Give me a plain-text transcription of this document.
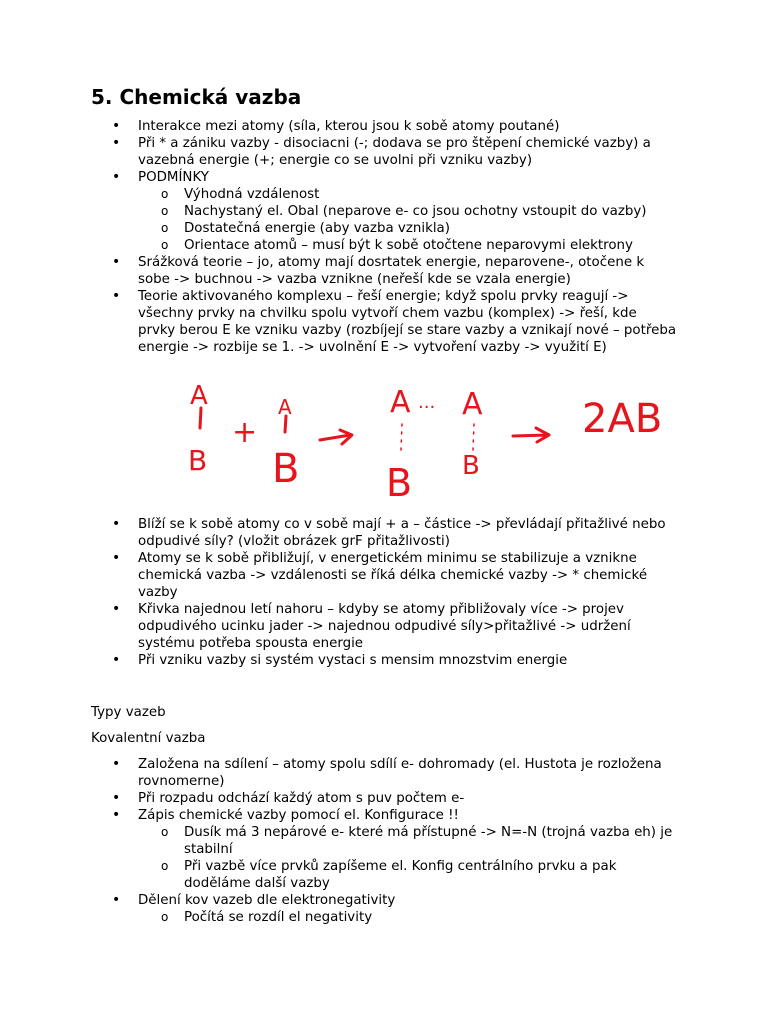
5. Chemická vazba
• Interakce mezi atomy (síla, kterou jsou k sobě atomy poutané)
• Při * a zániku vazby - disociacni (-; dodava se pro štěpení chemické vazby) a vazebná energie (+; energie co se uvolni při vzniku vazby)
• PODMÍNKY
o Výhodná vzdálenost
o Nachystaný el. Obal (neparove e- co jsou ochotny vstoupit do vazby)
o Dostatečná energie (aby vazba vznikla)
o Orientace atomů – musí být k sobě otočtene neparovymi elektrony
• Srážková teorie – jo, atomy mají dosrtatek energie, neparovene-, otočene k sobe -> buchnou -> vazba vznikne (neřeší kde se vzala energie)
• Teorie aktivovaného komplexu – řeší energie; když spolu prvky reagují -> všechny prvky na chvilku spolu vytvoří chem vazbu (komplex) -> řeší, kde prvky berou E ke vzniku vazby (rozbíjejí se stare vazby a vznikají nové – potřeba energie -> rozbije se 1. -> uvolnění E -> vytvoření vazby -> využití E)
A
B
+
A
B
A ... A
B B
2AB
• Blíží se k sobě atomy co v sobě mají + a – částice -> převládají přitažlivé nebo odpudivé síly? (vložit obrázek grF přitažlivosti)
• Atomy se k sobě přibližují, v energetickém minimu se stabilizuje a vzniknе chemická vazba -> vzdálenosti se říká délka chemické vazby -> * chemické vazby
• Křivka najednou letí nahoru – kdyby se atomy přibližovaly více -> projev odpudivého ucinku jader -> najednou odpudivé síly>přitažlivé -> udržení systému potřeba spousta energie
• Při vzniku vazby si systém vystaci s mensim mnozstvim energie

Typy vazeb

Kovalentní vazba

• Založena na sdílení – atomy spolu sdílí e- dohromady (el. Hustota je rozložena rovnomerne)
• Při rozpadu odchází každý atom s puv počtem e-
• Zápis chemické vazby pomocí el. Konfigurace !!
o Dusík má 3 nepárové e- které má přístupné -> N=-N (trojná vazba eh) je stabilní
o Při vazbě více prvků zapíšeme el. Konfig centrálního prvku a pak doděláme další vazby
• Dělení kov vazeb dle elektronegativity
o Počítá se rozdíl el negativity
